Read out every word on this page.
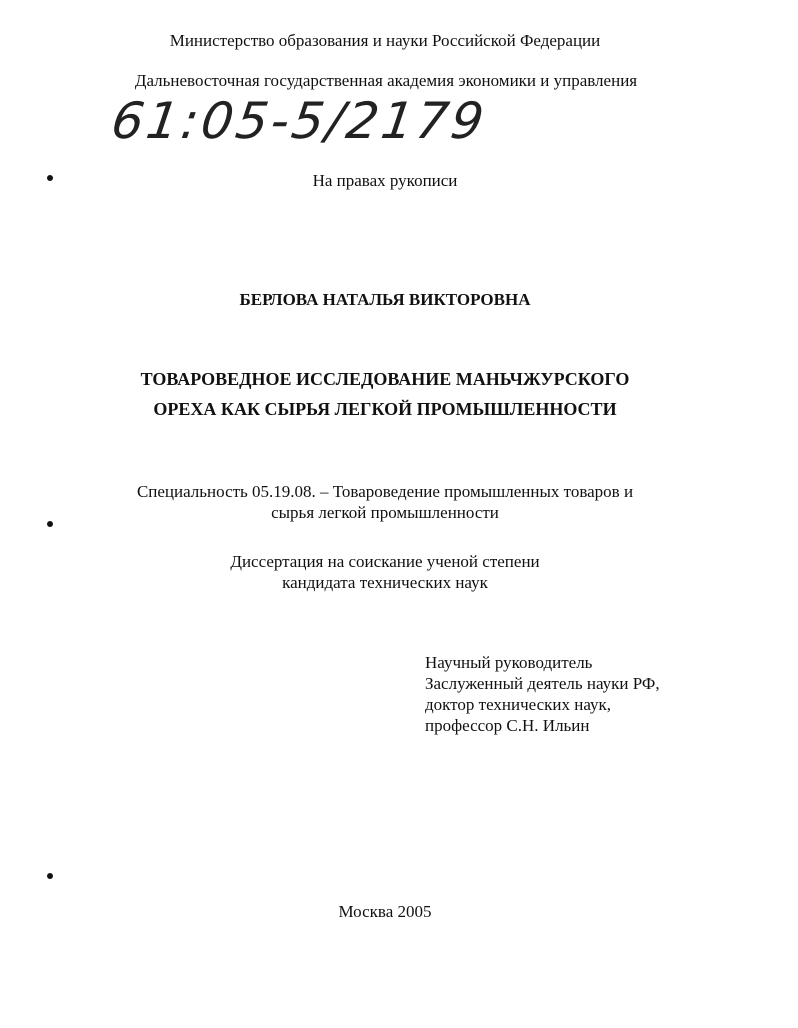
Министерство образования и науки Российской Федерации
Дальневосточная государственная академия экономики и управления
61:05-5/2179
На правах рукописи
БЕРЛОВА НАТАЛЬЯ ВИКТОРОВНА
ТОВАРОВЕДНОЕ ИССЛЕДОВАНИЕ МАНЬЧЖУРСКОГО
ОРЕХА КАК СЫРЬЯ ЛЕГКОЙ ПРОМЫШЛЕННОСТИ
Специальность 05.19.08. – Товароведение промышленных товаров и
сырья легкой промышленности
Диссертация на соискание ученой степени
кандидата технических наук
Научный руководитель
Заслуженный деятель науки РФ,
доктор технических наук,
профессор С.Н. Ильин
Москва 2005
